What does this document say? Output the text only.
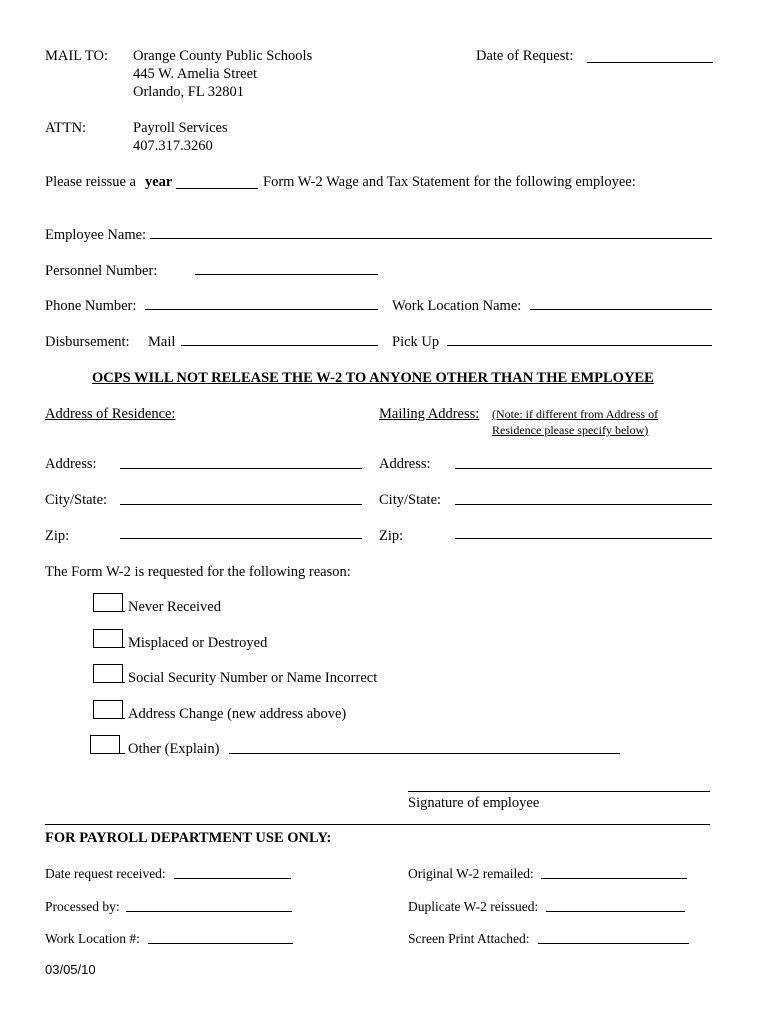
MAIL TO: Orange County Public Schools
445 W. Amelia Street
Orlando, FL 32801
Date of Request:
ATTN:	Payroll Services
407.317.3260
Please reissue a year	Form W-2 Wage and Tax Statement for the following employee:
Employee Name:
Personnel Number:
Phone Number:	Work Location Name:
Disbursement: Mail	Pick Up
OCPS WILL NOT RELEASE THE W-2 TO ANYONE OTHER THAN THE EMPLOYEE
Address of Residence:	Mailing Address: (Note: if different from Address of
Residence please specify below)
Address:
City/State:
Zip:
Address:
City/State:
Zip:
The Form W-2 is requested for the following reason:
Never Received
Misplaced or Destroyed
Social Security Number or Name Incorrect
Address Change (new address above)
Other (Explain)
Signature of employee
FOR PAYROLL DEPARTMENT USE ONLY:
Date request received:
Processed by:
Work Location #:
Original W-2 remailed:
Duplicate W-2 reissued:
Screen Print Attached:
03/05/10
